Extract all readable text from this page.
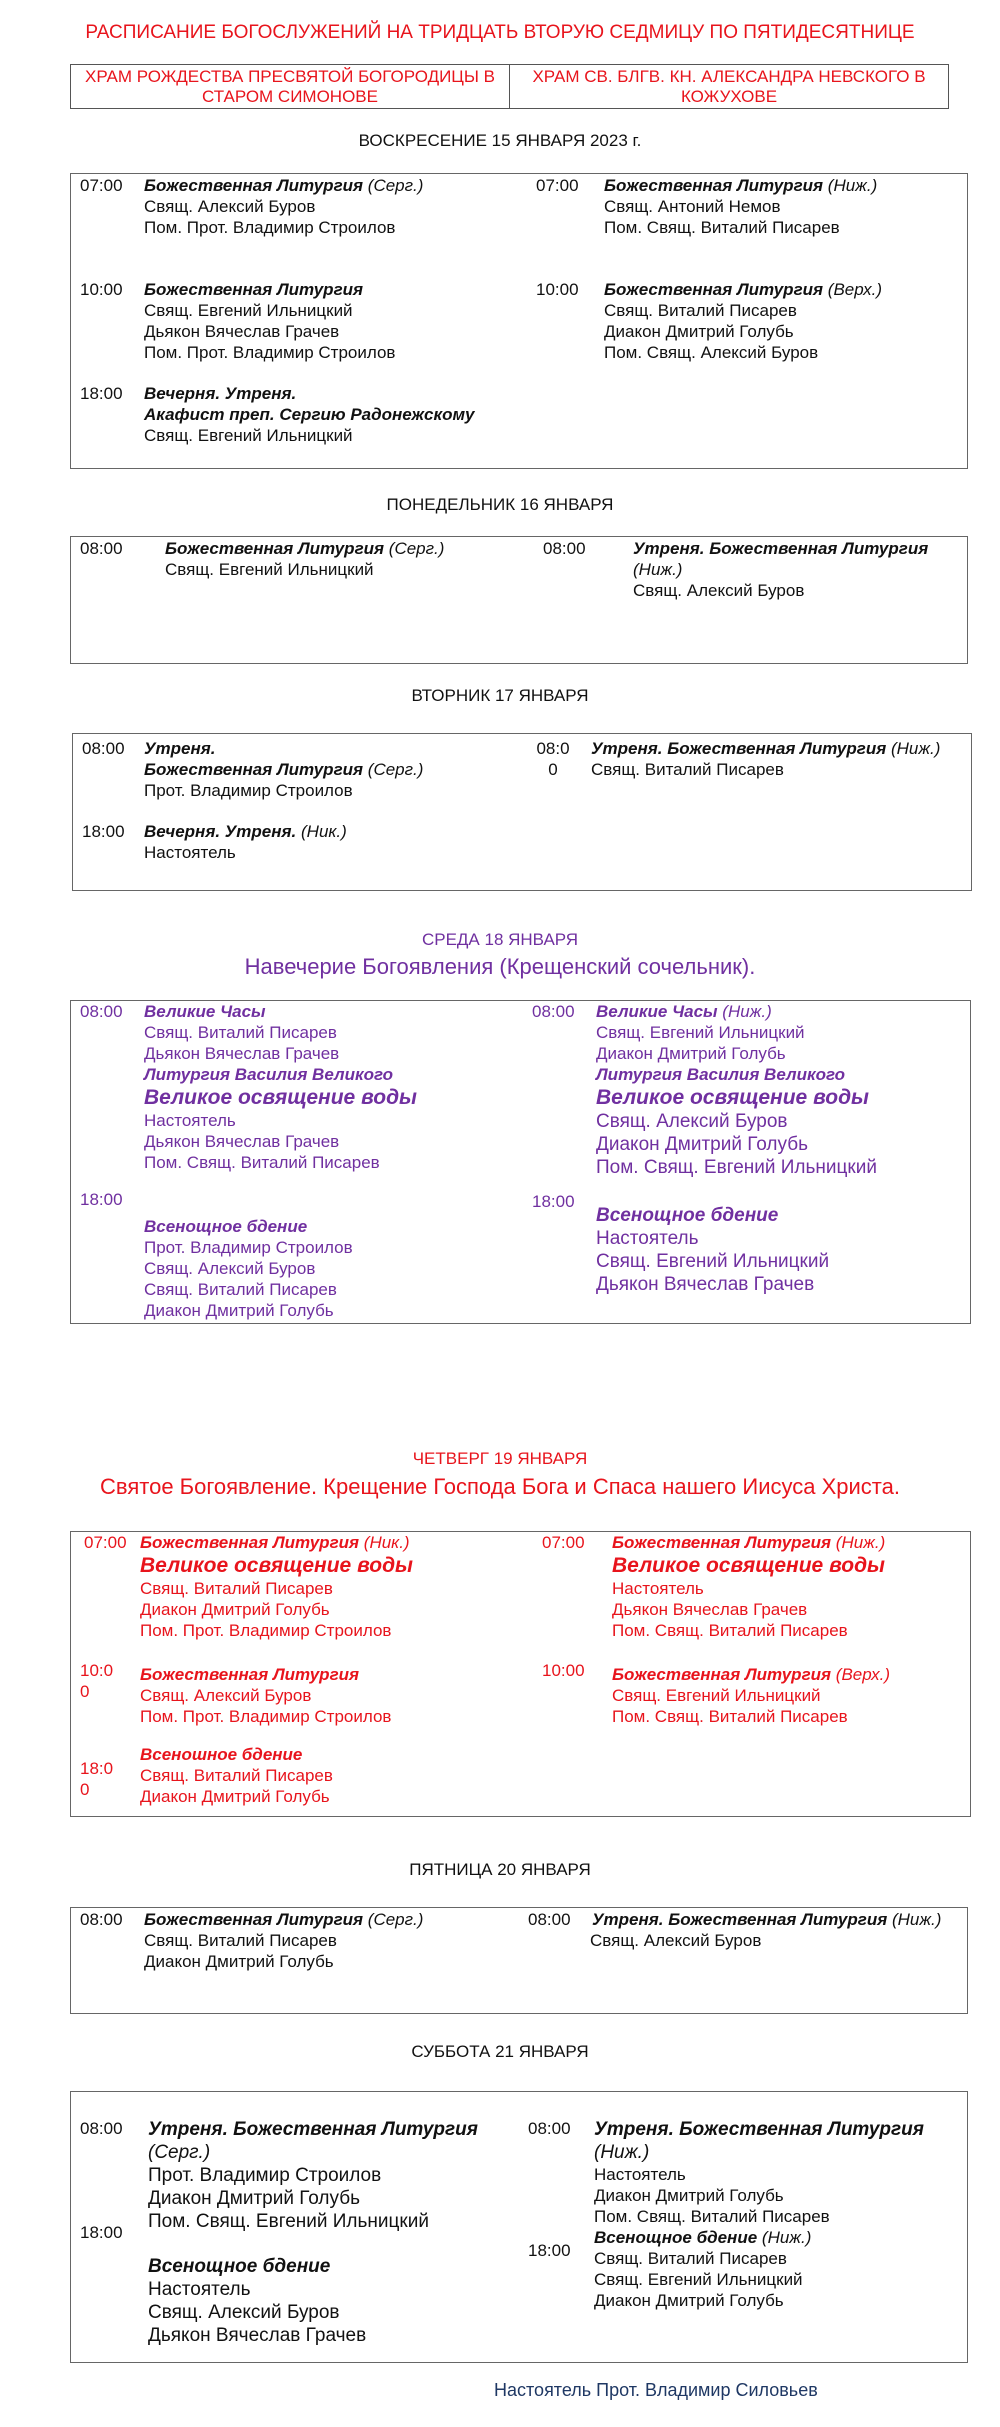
РАСПИСАНИЕ БОГОСЛУЖЕНИЙ НА ТРИДЦАТЬ ВТОРУЮ СЕДМИЦУ ПО ПЯТИДЕСЯТНИЦЕ
ХРАМ РОЖДЕСТВА ПРЕСВЯТОЙ БОГОРОДИЦЫ В СТАРОМ СИМОНОВЕ
ХРАМ СВ. БЛГВ. КН. АЛЕКСАНДРА НЕВСКОГО В КОЖУХОВЕ
ВОСКРЕСЕНИЕ 15 ЯНВАРЯ 2023 г.
07:00 Божественная Литургия (Серг.)
Свящ. Алексий Буров
Пом. Прот. Владимир Строилов
10:00 Божественная Литургия
Свящ. Евгений Ильницкий
Дьякон Вячеслав Грачев
Пом. Прот. Владимир Строилов
18:00 Вечерня. Утреня.
Акафист преп. Сергию Радонежскому
Свящ. Евгений Ильницкий
07:00 Божественная Литургия (Ниж.)
Свящ. Антоний Немов
Пом. Свящ. Виталий Писарев
10:00 Божественная Литургия (Верх.)
Свящ. Виталий Писарев
Диакон Дмитрий Голубь
Пом. Свящ. Алексий Буров
ПОНЕДЕЛЬНИК 16 ЯНВАРЯ
08:00 Божественная Литургия (Серг.)
Свящ. Евгений Ильницкий
08:00	Утреня. Божественная Литургия (Ниж.)
Свящ. Алексий Буров
ВТОРНИК 17 ЯНВАРЯ
08:00 Утреня.
Божественная Литургия (Серг.)
Прот. Владимир Строилов
18:00 Вечерня. Утреня. (Ник.)
Настоятель
08:0
0
Утреня. Божественная Литургия (Ниж.)
Свящ. Виталий Писарев
СРЕДА 18 ЯНВАРЯ
Навечерие Богоявления (Крещенский сочельник).
08:00 Великие Часы
Свящ. Виталий Писарев
Дьякон Вячеслав Грачев
Литургия Василия Великого
Великое освящение воды
Настоятель
Дьякон Вячеслав Грачев
Пом. Свящ. Виталий Писарев
18:00
Всенощное бдение
Прот. Владимир Строилов
Свящ. Алексий Буров
Свящ. Виталий Писарев
Диакон Дмитрий Голубь
08:00 Великие Часы (Ниж.)
Свящ. Евгений Ильницкий
Диакон Дмитрий Голубь
Литургия Василия Великого
Великое освящение воды
Свящ. Алексий Буров
Диакон Дмитрий Голубь
Пом. Свящ. Евгений Ильницкий
18:00
Всенощное бдение
Настоятель
Свящ. Евгений Ильницкий
Дьякон Вячеслав Грачев
ЧЕТВЕРГ 19 ЯНВАРЯ
Святое Богоявление. Крещение Господа Бога и Спаса нашего Иисуса Христа.
07:00 Божественная Литургия (Ник.)
Великое освящение воды
Свящ. Виталий Писарев
Диакон Дмитрий Голубь
Пом. Прот. Владимир Строилов
10:0
0
Божественная Литургия
Свящ. Алексий Буров
Пом. Прот. Владимир Строилов
18:0
0
Всеношное бдение
Свящ. Виталий Писарев
Диакон Дмитрий Голубь
07:00 Божественная Литургия (Ниж.)
Великое освящение воды
Настоятель
Дьякон Вячеслав Грачев
Пом. Свящ. Виталий Писарев
10:00 Божественная Литургия (Верх.)
Свящ. Евгений Ильницкий
Пом. Свящ. Виталий Писарев
ПЯТНИЦА 20 ЯНВАРЯ
08:00 Божественная Литургия (Серг.)
Свящ. Виталий Писарев
Диакон Дмитрий Голубь
08:00 Утреня. Божественная Литургия (Ниж.)
Свящ. Алексий Буров
СУББОТА 21 ЯНВАРЯ
08:00 Утреня. Божественная Литургия
(Серг.)
Прот. Владимир Строилов
Диакон Дмитрий Голубь
Пом. Свящ. Евгений Ильницкий
18:00
Всенощное бдение
Настоятель
Свящ. Алексий Буров
Дьякон Вячеслав Грачев
08:00 Утреня. Божественная Литургия
(Ниж.)
Настоятель
Диакон Дмитрий Голубь
Пом. Свящ. Виталий Писарев
Всенощное бдение (Ниж.)
Свящ. Виталий Писарев
Свящ. Евгений Ильницкий
Диакон Дмитрий Голубь
18:00
Настоятель Прот. Владимир Силовьев
